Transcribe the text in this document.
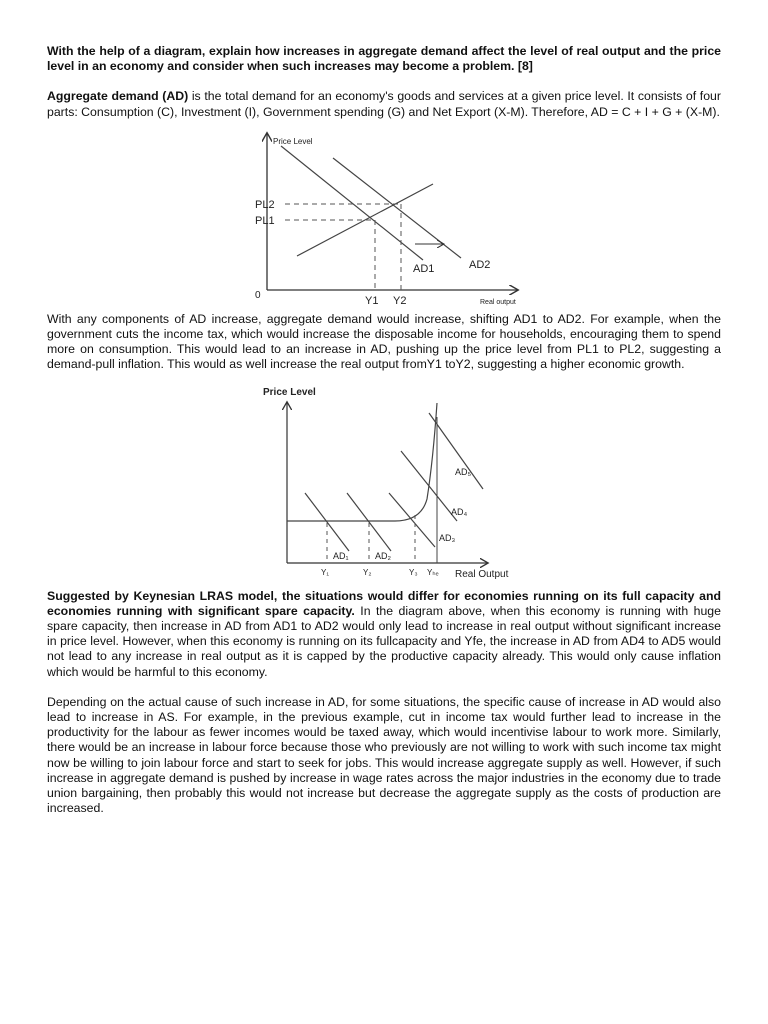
With the help of a diagram, explain how increases in aggregate demand affect the level of real output and the price level in an economy and consider when such increases may become a problem. [8]

Aggregate demand (AD) is the total demand for an economy's goods and services at a given price level. It consists of four parts: Consumption (C), Investment (I), Government spending (G) and Net Export (X-M). Therefore, AD = C + I + G + (X-M).

Price Level
Real output
0
PL2
PL1
Y1 Y2
AD1	AD2

With any components of AD increase, aggregate demand would increase, shifting AD1 to AD2. For example, when the government cuts the income tax, which would increase the disposable income for households, encouraging them to spend more on consumption. This would lead to an increase in AD, pushing up the price level from PL1 to PL2, suggesting a demand-pull inflation. This would as well increase the real output fromY1 toY2, suggesting a higher economic growth.

Price Level
Real Output
AD₁	AD₂
AD₃
AD₄
AD₅
Y₁	Y₂	Y₃ Yₕₑ

Suggested by Keynesian LRAS model, the situations would differ for economies running on its full capacity and economies running with significant spare capacity. In the diagram above, when this economy is running with huge spare capacity, then increase in AD from AD1 to AD2 would only lead to increase in real output without significant increase in price level. However, when this economy is running on its fullcapacity and Yfe, the increase in AD from AD4 to AD5 would not lead to any increase in real output as it is capped by the productive capacity already. This would only cause inflation which would be harmful to this economy.

Depending on the actual cause of such increase in AD, for some situations, the specific cause of increase in AD would also lead to increase in AS. For example, in the previous example, cut in income tax would further lead to increase in the productivity for the labour as fewer incomes would be taxed away, which would incentivise labour to work more. Similarly, there would be an increase in labour force because those who previously are not willing to work with such income tax might now be willing to join labour force and start to seek for jobs. This would increase aggregate supply as well. However, if such increase in aggregate demand is pushed by increase in wage rates across the major industries in the economy due to trade union bargaining, then probably this would not increase but decrease the aggregate supply as the costs of production are increased.
